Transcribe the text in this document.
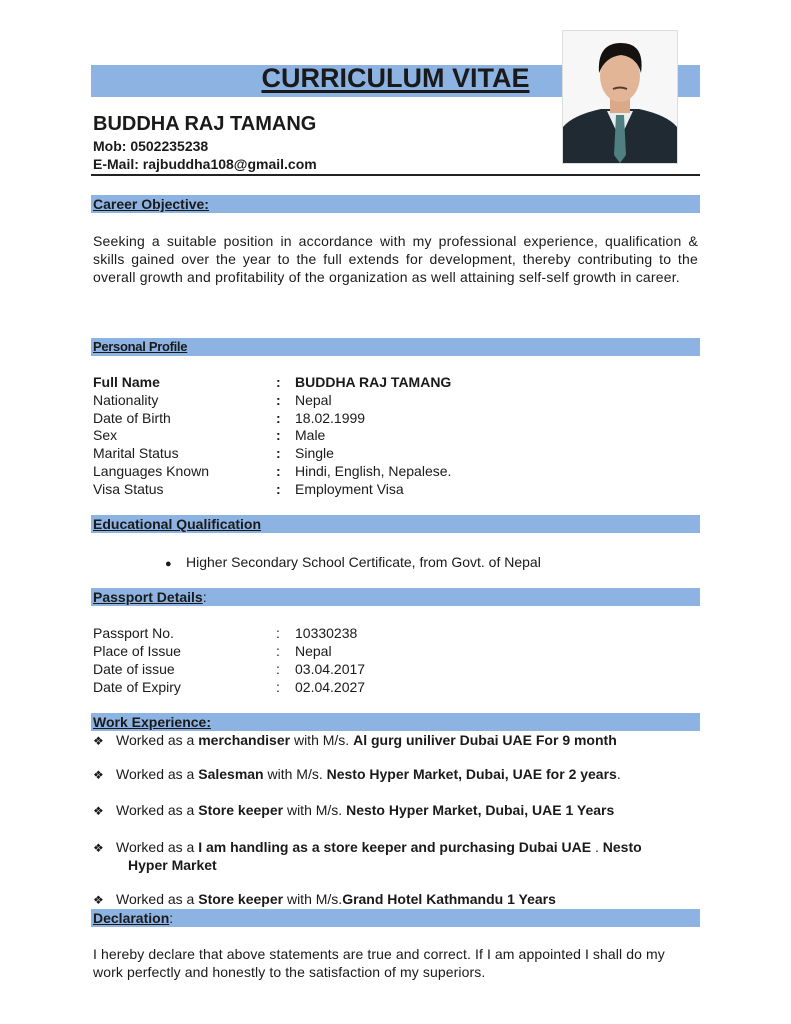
CURRICULUM VITAE
BUDDHA RAJ TAMANG
Mob: 0502235238
E-Mail: rajbuddha108@gmail.com
Career Objective:
Seeking a suitable position in accordance with my professional experience, qualification & skills gained over the year to the full extends for development, thereby contributing to the overall growth and profitability of the organization as well attaining self-self growth in career.
Personal Profile
Full Name	: BUDDHA RAJ TAMANG
Nationality	: Nepal
Date of Birth	: 18.02.1999
Sex	: Male
Marital Status	: Single
Languages Known	: Hindi, English, Nepalese.
Visa Status	: Employment Visa
Educational Qualification
● Higher Secondary School Certificate, from Govt. of Nepal
Passport Details:
Passport No.	: 10330238
Place of Issue	: Nepal
Date of issue	: 03.04.2017
Date of Expiry	: 02.04.2027
Work Experience:
❖ Worked as a merchandiser with M/s. Al gurg uniliver Dubai UAE For 9 month
❖ Worked as a Salesman with M/s. Nesto Hyper Market, Dubai, UAE for 2 years.
❖ Worked as a Store keeper with M/s. Nesto Hyper Market, Dubai, UAE 1 Years
❖ Worked as a I am handling as a store keeper and purchasing Dubai UAE . Nesto
Hyper Market
❖ Worked as a Store keeper with M/s.Grand Hotel Kathmandu 1 Years
Declaration:
I hereby declare that above statements are true and correct. If I am appointed I shall do my work perfectly and honestly to the satisfaction of my superiors.
